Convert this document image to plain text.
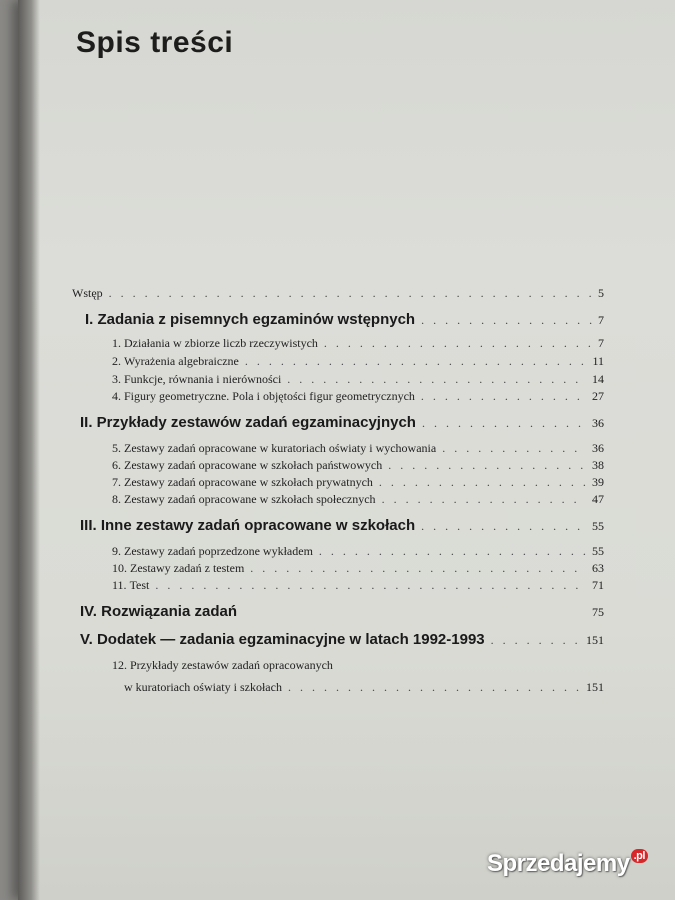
Spis treści
Wstęp . . .	5
I. Zadania z pisemnych egzaminów wstępnych . . .	7
1.
Działania w zbiorze liczb rzeczywistych . . .	7
2.
Wyrażenia algebraiczne . . .	11
3.
Funkcje, równania i nierówności . . .	14
4.
Figury geometryczne. Pola i objętości figur geometrycznych . . .	27
II. Przykłady zestawów zadań egzaminacyjnych . . .	36
5.
Zestawy zadań opracowane w kuratoriach oświaty i wychowania . . .	36
6.
Zestawy zadań opracowane w szkołach państwowych . . .	38
7.
Zestawy zadań opracowane w szkołach prywatnych . . .	39
8.
Zestawy zadań opracowane w szkołach społecznych . . .	47
III. Inne zestawy zadań opracowane w szkołach . . .	55
9.
Zestawy zadań poprzedzone wykładem . . .	55
10.
Zestawy zadań z testem . . .	63
11.
Test . . .	71
IV. Rozwiązania zadań	75
V. Dodatek — zadania egzaminacyjne w latach 1992-1993 . . .	151
12. Przykłady zestawów zadań opracowanych
w kuratoriach oświaty i szkołach . . .	151
Sprzedajemy $^{.pl}$
